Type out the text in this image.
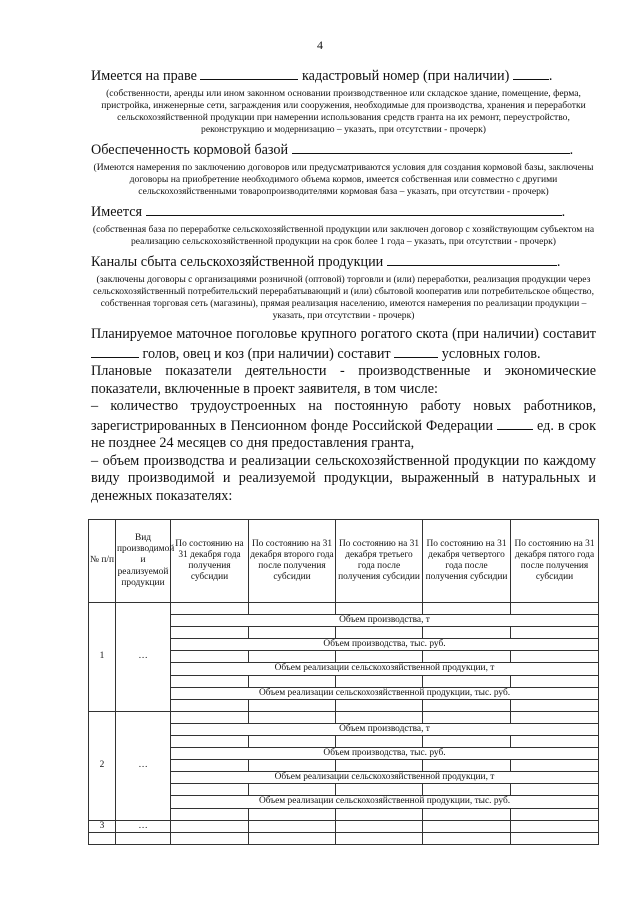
4
Имеется на праве	кадастровый номер (при наличии)	.
(собственности, аренды или ином законном основании производственное или складское здание, помещение, ферма, пристройка, инженерные сети, заграждения или сооружения, необходимые для производства, хранения и переработки сельскохозяйственной продукции при намерении использования средств гранта на их ремонт, переустройство, реконструкцию и модернизацию – указать, при отсутствии - прочерк)
Обеспеченность кормовой базой	.
(Имеются намерения по заключению договоров или предусматриваются условия для создания кормовой базы, заключены договоры на приобретение необходимого объема кормов, имеется собственная или совместно с другими сельскохозяйственными товаропроизводителями кормовая база – указать, при отсутствии - прочерк)
Имеется	.
(собственная база по переработке сельскохозяйственной продукции или заключен договор с хозяйствующим субъектом на реализацию сельскохозяйственной продукции на срок более 1 года – указать, при отсутствии - прочерк)
Каналы сбыта сельскохозяйственной продукции	.
(заключены договоры с организациями розничной (оптовой) торговли и (или) переработки, реализация продукции через сельскохозяйственный потребительский перерабатывающий и (или) сбытовой кооператив или потребительское общество, собственная торговая сеть (магазины), прямая реализация населению, имеются намерения по реализации продукции – указать, при отсутствии - прочерк)
Планируемое маточное поголовье крупного рогатого скота (при наличии) составит  голов, овец и коз (при наличии) составит	условных голов.
Плановые показатели деятельности - производственные и экономические показатели, включенные в проект заявителя, в том числе:
– количество трудоустроенных на постоянную работу новых работников, зарегистрированных в Пенсионном фонде Российской Федерации	ед. в срок не позднее 24 месяцев со дня предоставления гранта,
– объем производства и реализации сельскохозяйственной продукции по каждому виду производимой и реализуемой продукции, выраженный в натуральных и денежных показателях:
№ п/п	Вид производимой и реализуемой продукции	По состоянию на 31 декабря года получения субсидии	По состоянию на 31 декабря второго года после получения субсидии	По состоянию на 31 декабря третьего года после получения субсидии	По состоянию на 31 декабря четвертого года после получения субсидии	По состоянию на 31 декабря пятого года после получения субсидии
1	…					
		Объем производства, т				

		Объем производства, тыс. руб.				

		Объем реализации сельскохозяйственной продукции, т				

		Объем реализации сельскохозяйственной продукции, тыс. руб.				

2	…					
		Объем производства, т				

		Объем производства, тыс. руб.				

		Объем реализации сельскохозяйственной продукции, т				

		Объем реализации сельскохозяйственной продукции, тыс. руб.				

3	…					
